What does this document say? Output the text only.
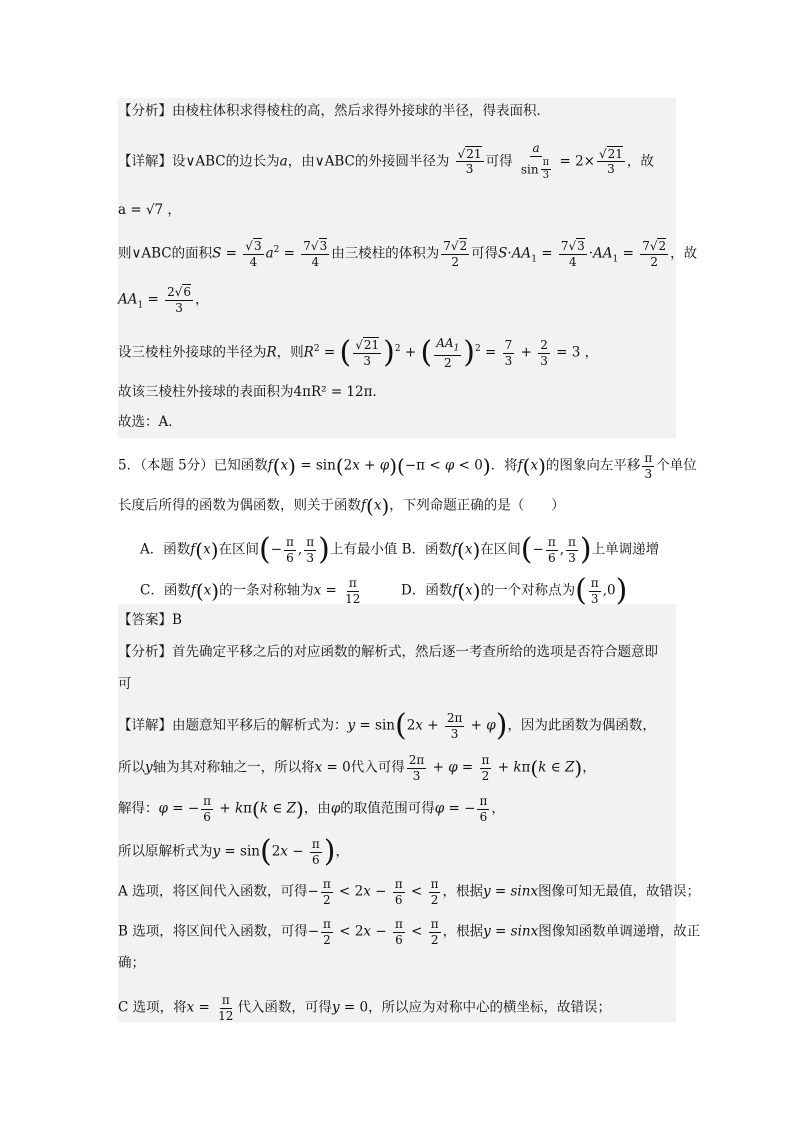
【分析】由棱柱体积求得棱柱的高，然后求得外接球的半径，得表面积．
【详解】设∨ABC的边长为a，由∨ABC的外接圆半径为 $\frac{√21}{3}$ 可得 $\frac{a}{\sin \frac{\pi}{3}} = 2\times \frac{√21}{3}$ ，故
a = √7 ，
则∨ABC的面积$S = \frac{√3}{4} a^2 = \frac{7√3}{4}$ 由三棱柱的体积为 $\frac{7√2}{2}$ 可得$S\cdot AA_1 = \frac{7√3}{4} \cdot AA_1 = \frac{7√2}{2}$ ，故
$AA_1 = \frac{2√6}{3}$ ，
设三棱柱外接球的半径为R，则$R^2$ = ( $\frac{√21}{3} )^2$ + ( $\frac{AA_1}{2} )^2 = \frac{7}{3} + \frac{2}{3} = 3$ ，
故该三棱柱外接球的表面积为4πR² = 12π．
故选：A．
5．（本题 5分）已知函数f(x) = sin(2x + φ)(−π < φ < 0)．将f(x)的图象向左平移 $\frac{\pi}{3}$ 个单位
长度后所得的函数为偶函数，则关于函数f(x)，下列命题正确的是（　　）
A．函数f(x)在区间(− $\frac{\pi}{6}$ , $\frac{\pi}{3}$ )上有最小值 B．函数f(x)在区间(− $\frac{\pi}{6}$ , $\frac{\pi}{3}$ )上单调递增
C．函数f(x)的一条对称轴为$x = \frac{\pi}{12}$	D．函数f(x)的一个对称点为( $\frac{\pi}{3} ,0$)
【答案】B
【分析】首先确定平移之后的对应函数的解析式，然后逐一考查所给的选项是否符合题意即
可
【详解】由题意知平移后的解析式为：$y = \sin(2x + \frac{2\pi}{3} + \varphi)$，因为此函数为偶函数，
所以y轴为其对称轴之一，所以将x = 0代入可得 $\frac{2\pi}{3} + \varphi = \frac{\pi}{2} + k\pi(k$ ∈ Z)，
解得：φ = − $\frac{\pi}{6} + k\pi(k$ ∈ Z)，由φ的取值范围可得φ = − $\frac{\pi}{6}$ ，
所以原解析式为$y = \sin(2x - \frac{\pi}{6}$ )，
A 选项，将区间代入函数，可得− $\frac{\pi}{2} < 2x - \frac{\pi}{6} < \frac{\pi}{2}$ ，根据y = sinx图像可知无最值，故错误；
B 选项，将区间代入函数，可得− $\frac{\pi}{2} < 2x - \frac{\pi}{6} < \frac{\pi}{2}$ ，根据y = sinx图像知函数单调递增，故正
确；
C 选项，将$x = \frac{\pi}{12}$ 代入函数，可得y = 0，所以应为对称中心的横坐标，故错误；
